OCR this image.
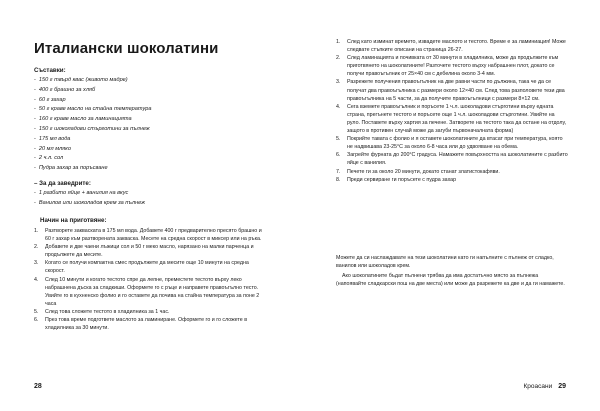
Италиански шоколатини
Съставки:
- 150 г твърд квас (живото мадре)
- 400 г брашно за хляб
- 60 г захар
- 50 г краве масло на стайна температура
- 160 г краве масло за ламинацията
- 150 г шоколадови стърготини за пълнеж
- 175 мл вода
- 20 мл мляко
- 2 ч.л. сол
- Пудра захар за поръсване
– За да заведрите:
- 1 разбито яйце + ванилия на вкус
- Ванилов или шоколадов крем за пълнеж
Начин на приготвяне:
1. Разтворете закваската в 175 мл вода. Добавете 400 г предварително пресято брашно и 60 г захар към разтворената закваска. Месете на средна скорост в миксер или на ръка.
2. Добавете и две чаени лъжици сол и 50 г меко масло, нарязано на малки парченца и продължете да месите.
3. Когато се получи компактна смес продължете да месите още 10 минути на средна скорост.
4. След 10 минути и когато тестото спре да лепне, преместете тестото върху леко набрашнена дъска за сладкиши. Оформете го с ръце и направете правоъгълно тесто. Увийте го в кухненско фолио и го оставете да почива на стайна температура за поне 2 часа
5. След това сложете тестото в хладилника за 1 час.
6. През това време подгответе маслото за ламиниране. Оформете го и го сложете в хладилника за 30 минути.
28
1. След като изминат времето, извадете маслото и тестото. Време е за ламиниация! Може следвате стъпките описани на страница 26-27.
2. След ламинацията и почивката от 30 минути в хладилника, може да продължите към приготвянето на шоколатините! Разточете тестото върху набрашнен плот, докато се получи правоъгълник от 25×40 см с дебелина около 3-4 мм.
3. Разрежете получения правоъгълник на две равни части по дължина, така че да се получат два правоъгълника с размери около 12×40 см. След това разполовете тези два правоъгълника на 5 части, за да получите правоъгълници с размери 8×12 см.
4. Сега вземете правоъгълник и поръсете 1 ч.л. шоколадови стърготини върху едната страна, прегънете тестото и поръсете още 1 ч.л. шоколадови стърготини. Увийте на руло. Поставете върху хартия за печене. Затворете на тестото така да остане на отдолу, защото в противен случай може да загуби първоначалната форма)
5. Покрийте тавата с фолио и я оставете шоколатините да втасат при температура, която не надвишава 23-25°C за около 6-8 часа или до удвояване на обема.
6. Загрейте фурната до 200°C градуса. Намажете повърхността на шоколатините с разбито яйце с ванилия.
7. Печете ги за около 20 минути, докато станат златистокафяви.
8. Преди сервиране ги поръсете с пудра захар

Можете да си наслаждавате на тези шоколатини като ги напълните с пълнеж от сладко, ванилов или шоколадов крем.

Ако шоколатините бъдат пълнени трябва да има достатъчно място за пълнежа (напоявайте сладкарски пош на две места) или може да разрежете ка две и да ги намажете.

Кроасани 29
